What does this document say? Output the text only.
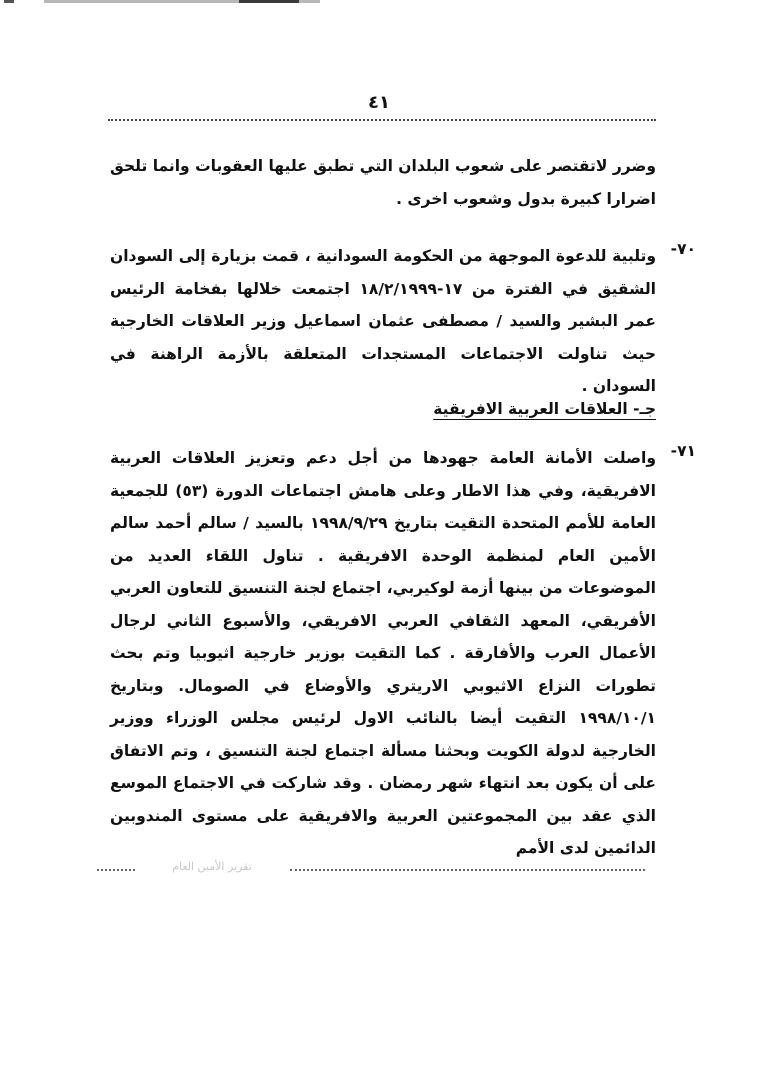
٤١

وضرر لاتقتصر على شعوب البلدان التي تطبق عليها العقوبات وانما تلحق اضرارا كبيرة بدول وشعوب اخرى .

٧٠-

وتلبية للدعوة الموجهة من الحكومة السودانية ، قمت بزيارة إلى السودان الشقيق في الفترة من ١٧-١٨/٢/١٩٩٩ اجتمعت خلالها بفخامة الرئيس عمر البشير والسيد / مصطفى عثمان اسماعيل وزير العلاقات الخارجية حيث تناولت الاجتماعات المستجدات المتعلقة بالأزمة الراهنة في السودان .

جـ- العلاقات العربية الافريقية
٧١-

واصلت الأمانة العامة جهودها من أجل دعم وتعزيز العلاقات العربية الافريقية، وفي هذا الاطار وعلى هامش اجتماعات الدورة (٥٣) للجمعية العامة للأمم المتحدة التقيت بتاريخ ١٩٩٨/٩/٢٩ بالسيد / سالم أحمد سالم الأمين العام لمنظمة الوحدة الافريقية . تناول اللقاء العديد من الموضوعات من بينها أزمة لوكيربي، اجتماع لجنة التنسيق للتعاون العربي الأفريقي، المعهد الثقافي العربي الافريقي، والأسبوع الثاني لرجال الأعمال العرب والأفارقة . كما التقيت بوزير خارجية اثيوبيا وتم بحث تطورات النزاع الاثيوبي الاريتري والأوضاع في الصومال. وبتاريخ ١٩٩٨/١٠/١ التقيت أيضا بالنائب الاول لرئيس مجلس الوزراء ووزير الخارجية لدولة الكويت وبحثنا مسألة اجتماع لجنة التنسيق ، وتم الاتفاق على أن يكون بعد انتهاء شهر رمضان . وقد شاركت في الاجتماع الموسع الذي عقد بين المجموعتين العربية والافريقية على مستوى المندوبين الدائمين لدى الأمم

تقرير الأمين العام
